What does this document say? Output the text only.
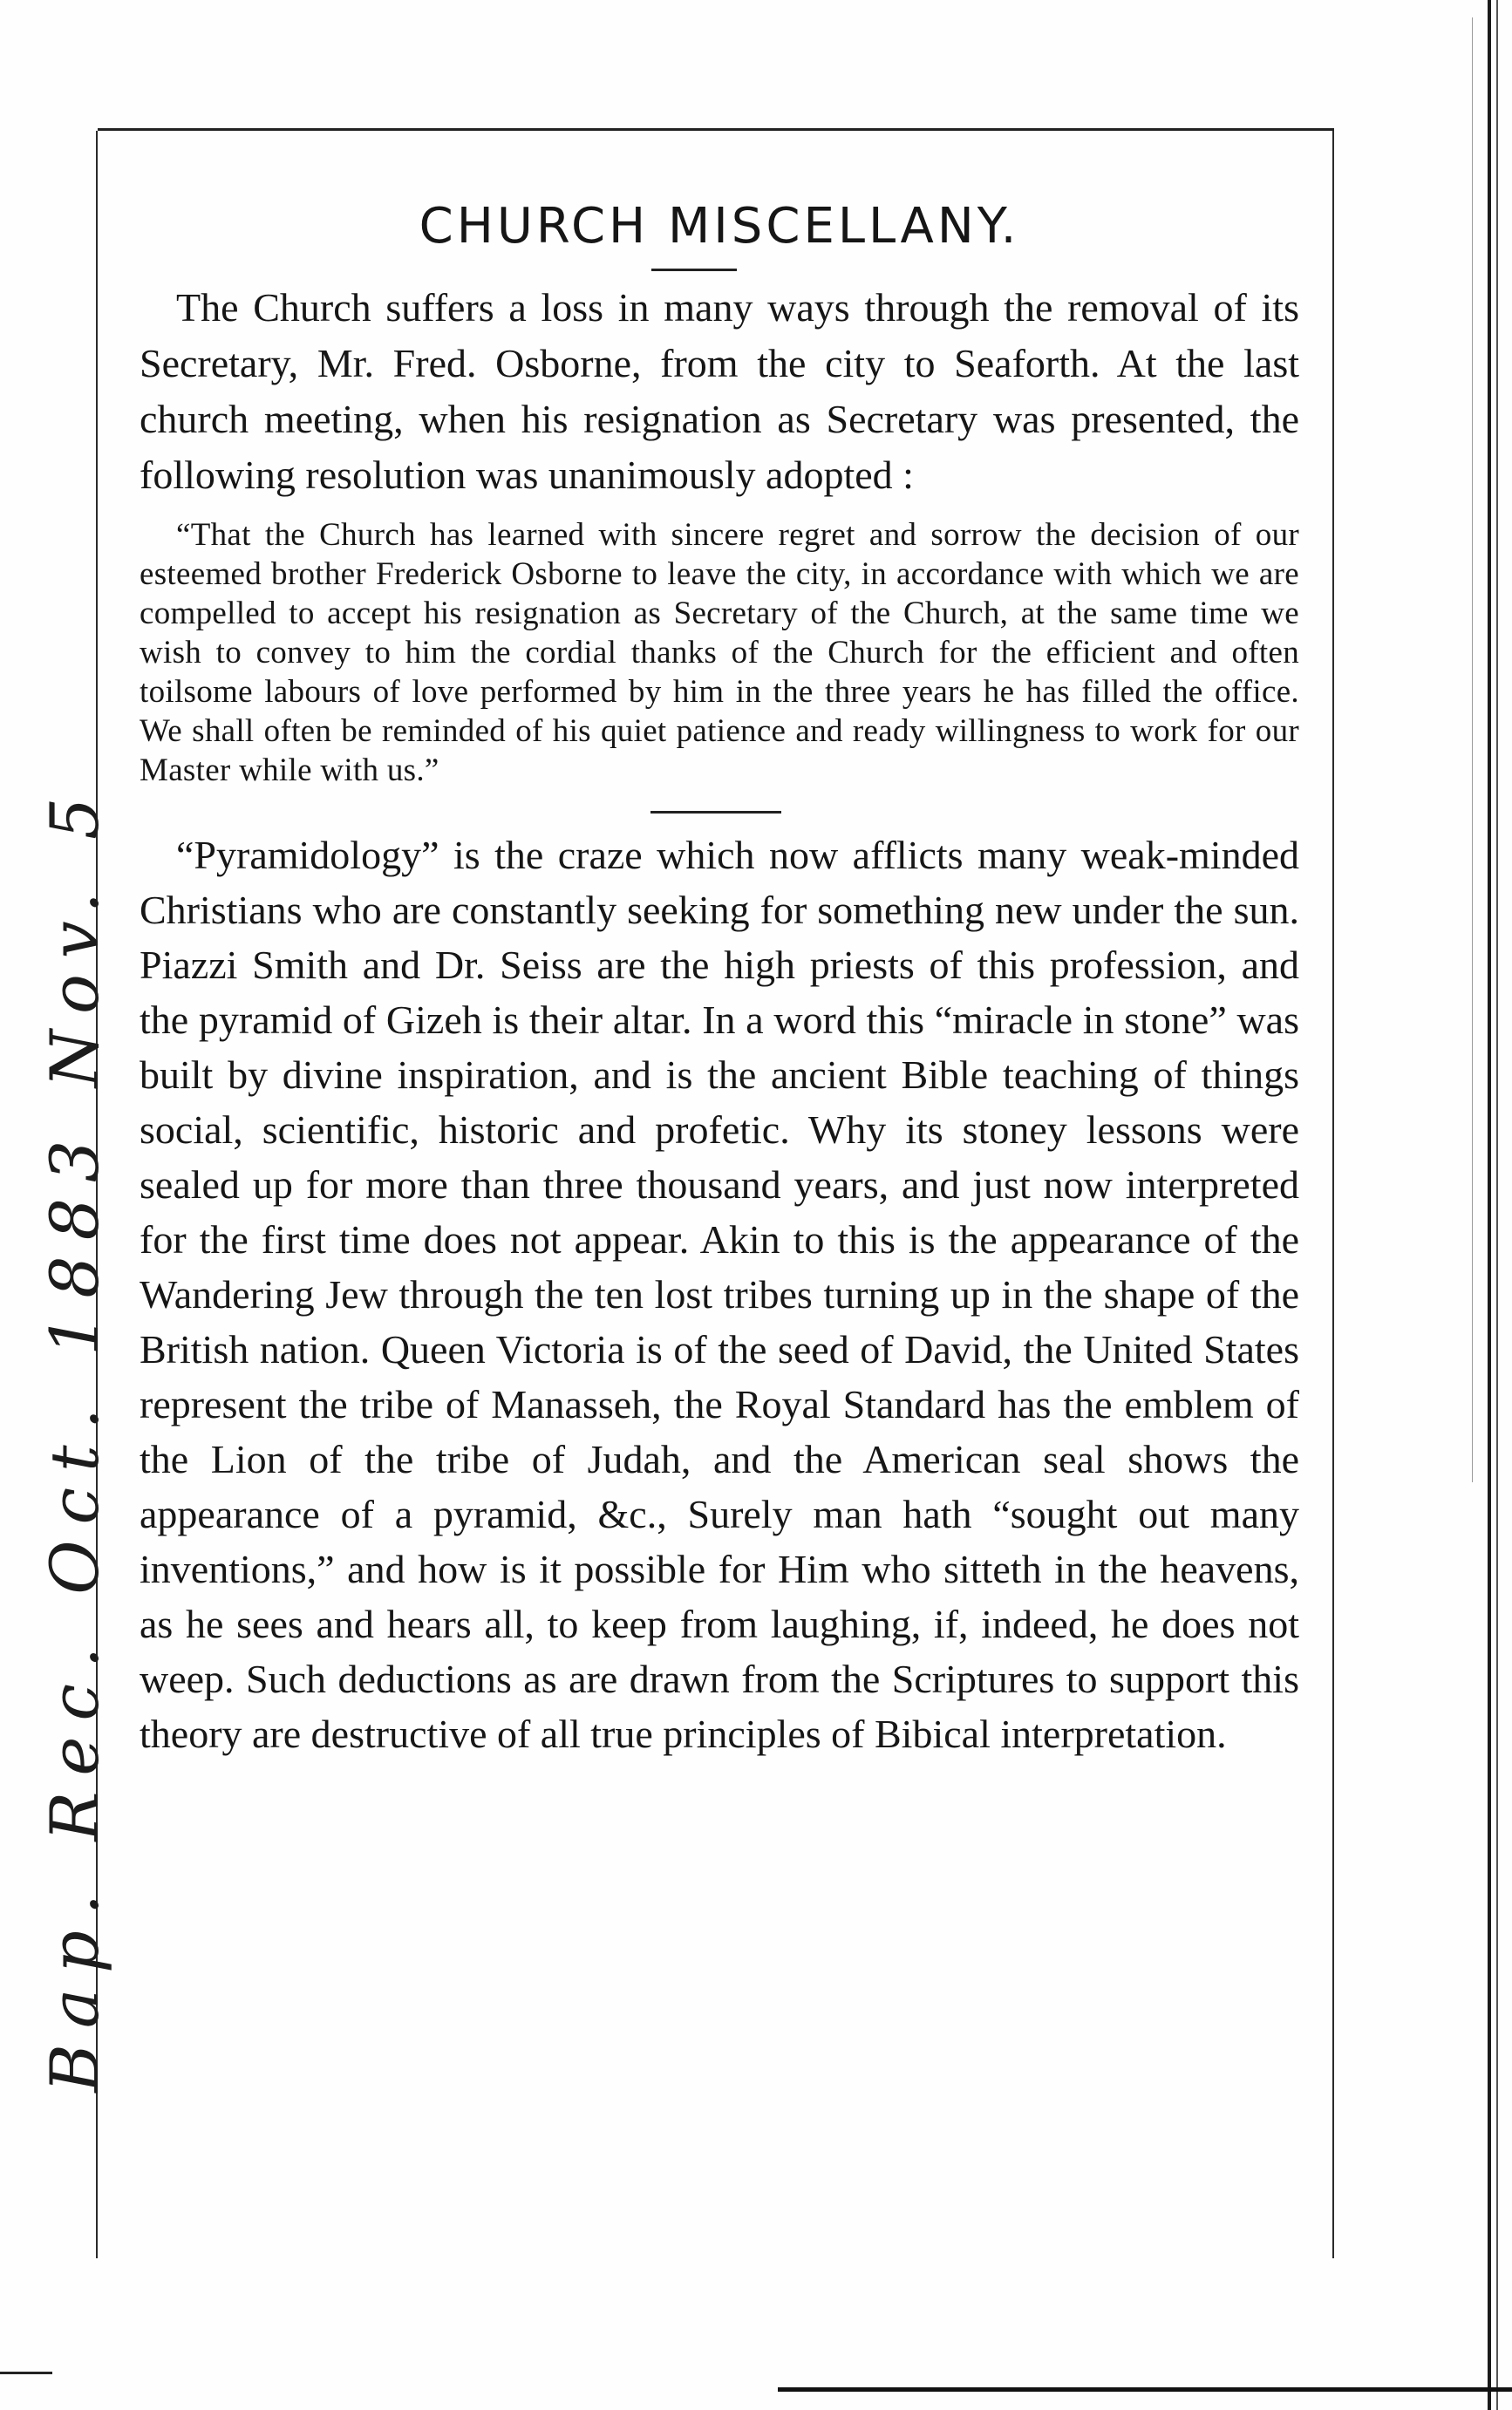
Bap. Rec. Oct. 1883 Nov. 5
CHURCH MISCELLANY.

The Church suffers a loss in many ways through the removal of its Secretary, Mr. Fred. Osborne, from the city to Seaforth. At the last church meeting, when his resignation as Secretary was presented, the following resolution was unanimously adopted :

“That the Church has learned with sincere regret and sorrow the decision of our esteemed brother Frederick Osborne to leave the city, in accordance with which we are compelled to accept his resignation as Secretary of the Church, at the same time we wish to convey to him the cordial thanks of the Church for the efficient and often toilsome labours of love performed by him in the three years he has filled the office. We shall often be reminded of his quiet patience and ready willingness to work for our Master while with us.”

“Pyramidology” is the craze which now afflicts many weak-minded Christians who are constantly seeking for something new under the sun. Piazzi Smith and Dr. Seiss are the high priests of this profession, and the pyramid of Gizeh is their altar. In a word this “miracle in stone” was built by divine inspiration, and is the ancient Bible teaching of things social, scientific, historic and profetic. Why its stoney lessons were sealed up for more than three thousand years, and just now interpreted for the first time does not appear. Akin to this is the appearance of the Wandering Jew through the ten lost tribes turning up in the shape of the British nation. Queen Victoria is of the seed of David, the United States represent the tribe of Manasseh, the Royal Standard has the emblem of the Lion of the tribe of Judah, and the American seal shows the appearance of a pyramid, &c., Surely man hath “sought out many inventions,” and how is it possible for Him who sitteth in the heavens, as he sees and hears all, to keep from laughing, if, indeed, he does not weep. Such deductions as are drawn from the Scriptures to support this theory are destructive of all true principles of Bibical interpretation.
